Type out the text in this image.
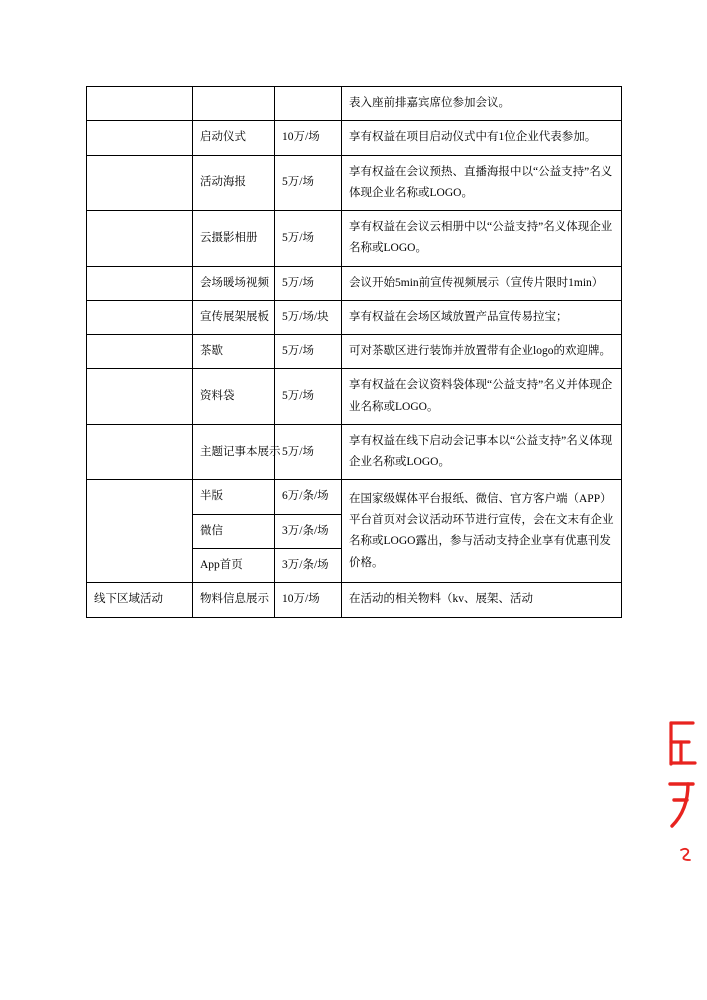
			表入座前排嘉宾席位参加会议。
	启动仪式	10万/场	享有权益在项目启动仪式中有1位企业代表参加。
	活动海报	5万/场	享有权益在会议预热、直播海报中以“公益支持”名义体现企业名称或LOGO。
	云摄影相册	5万/场	享有权益在会议云相册中以“公益支持”名义体现企业名称或LOGO。
	会场暖场视频	5万/场	会议开始5min前宣传视频展示（宣传片限时1min）
	宣传展架展板	5万/场/块	享有权益在会场区域放置产品宣传易拉宝；
	茶歇	5万/场	可对茶歇区进行装饰并放置带有企业logo的欢迎牌。
	资料袋	5万/场	享有权益在会议资料袋体现“公益支持”名义并体现企业名称或LOGO。
	主题记事本展示	5万/场	享有权益在线下启动会记事本以“公益支持”名义体现企业名称或LOGO。
	半版	6万/条/场	在国家级媒体平台报纸、微信、官方客户端（APP）平台首页对会议活动环节进行宣传，会在文末有企业名称或LOGO露出，参与活动支持企业享有优惠刊发价格。
	微信	3万/条/场	
	App首页	3万/条/场	
线下区域活动	物料信息展示	10万/场	在活动的相关物料（kv、展架、活动
